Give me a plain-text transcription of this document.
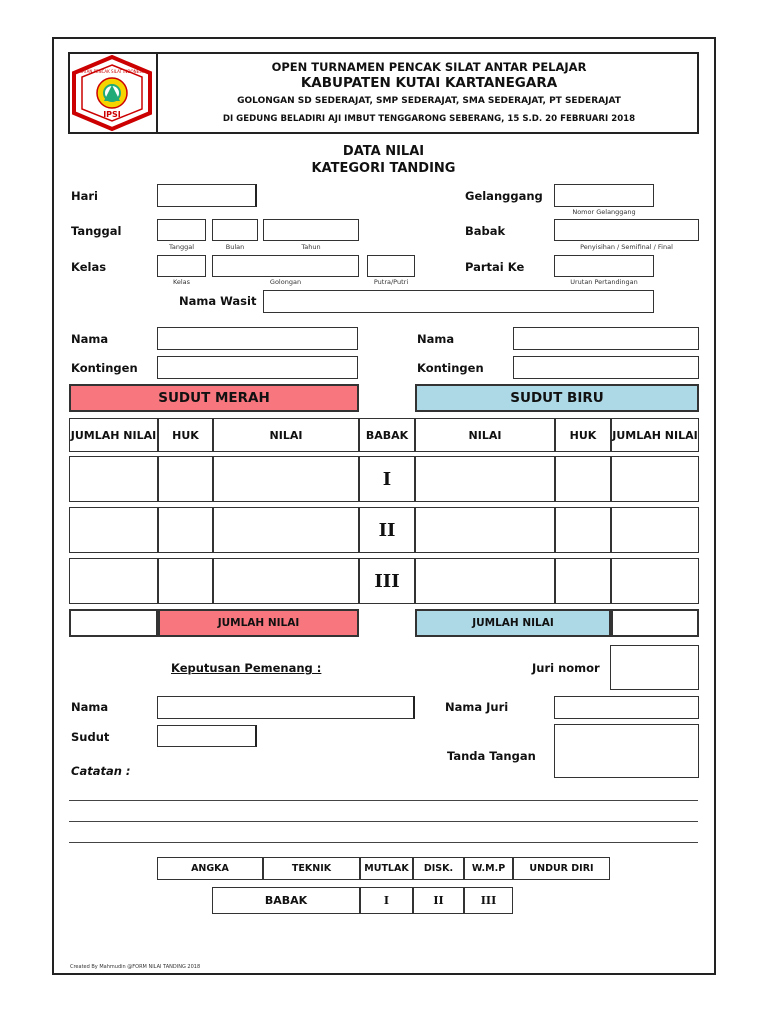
IPSI
IKATAN PENCAK SILAT INDONESIA	OPEN TURNAMEN PENCAK SILAT ANTAR PELAJAR
KABUPATEN KUTAI KARTANEGARA
GOLONGAN SD SEDERAJAT, SMP SEDERAJAT, SMA SEDERAJAT, PT SEDERAJAT
DI GEDUNG BELADIRI AJI IMBUT TENGGARONG SEBERANG, 15 S.D. 20 FEBRUARI 2018
DATA NILAI
KATEGORI TANDING
Hari
Tanggal
Tanggal	Bulan	Tahun
Kelas
Kelas	Golongan	Putra/Putri
Gelanggang
Nomor Gelanggang
Babak
Penyisihan / Semifinal / Final
Partai Ke
Urutan Pertandingan
Nama Wasit
Nama
Kontingen
Nama
Kontingen
SUDUT MERAH	SUDUT BIRU
JUMLAH NILAI	HUK	NILAI	BABAK	NILAI	HUK	JUMLAH NILAI
I
II
III
JUMLAH NILAI	JUMLAH NILAI
Keputusan Pemenang :	Juri nomor
Nama	Nama Juri
Sudut
Tanda Tangan
Catatan :
ANGKA	TEKNIK	MUTLAK	DISK.	W.M.P	UNDUR DIRI
BABAK	I	II	III
Created By Mahmudin @FORM NILAI TANDING 2018
